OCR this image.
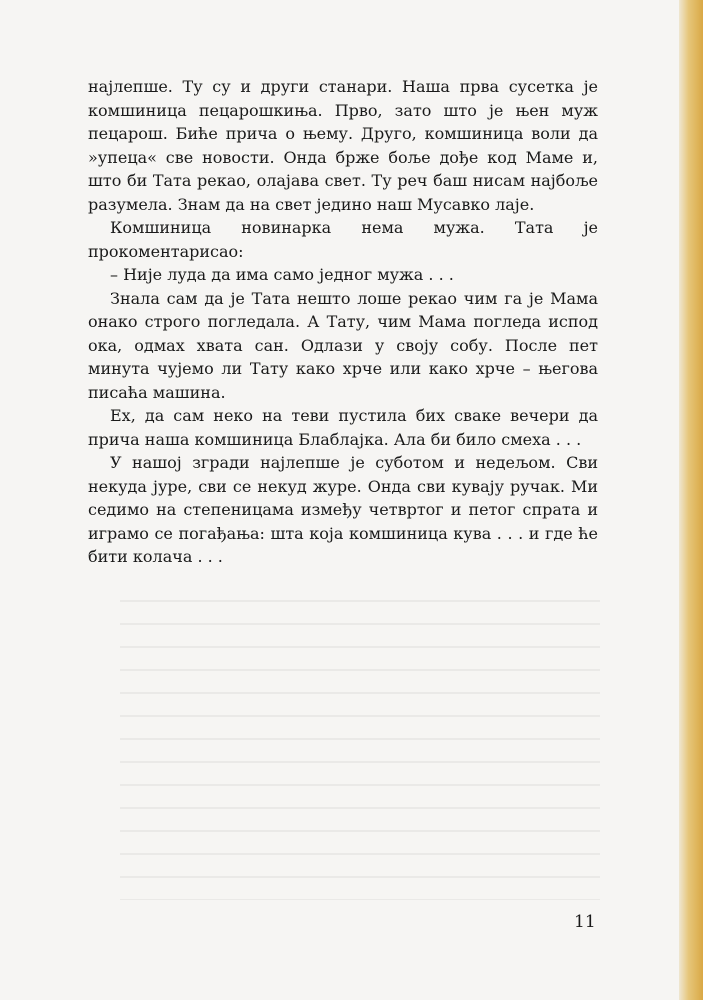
најлепше. Ту су и други станари. Наша прва сусетка је комшиница пецарошкиња. Прво, зато што је њен муж пецарош. Биће прича о њему. Друго, комшиница воли да »упеца« све новости. Онда брже боље дође код Маме и, што би Тата рекао, олајава свет. Ту реч баш нисам најбоље разумела. Знам да на свет једино наш Мусавко лаје.

Комшиница новинарка нема мужа. Тата је прокоментарисао:

– Није луда да има само једног мужа . . .

Знала сам да је Тата нешто лоше рекао чим га је Мама онако строго погледала. А Тату, чим Мама погледа испод ока, одмах хвата сан. Одлази у своју собу. После пет минута чујемо ли Тату како хрче или како хрче – његова писаћа машина.

Ех, да сам неко на теви пустила бих сваке вечери да прича наша комшиница Блаблајка. Ала би било смеха . . .

У нашој згради најлепше је суботом и недељом. Сви некуда јуре, сви се некуд журе. Онда сви кувају ручак. Ми седимо на степеницама између четвртог и петог спрата и играмо се погађања: шта која комшиница кува . . . и где ће бити колача . . .

11
